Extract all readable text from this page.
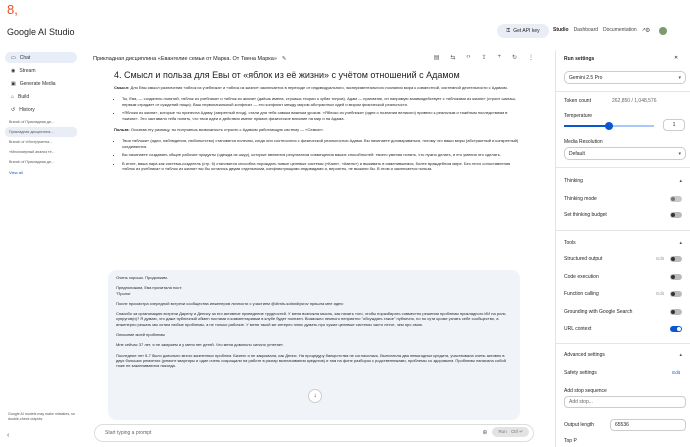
8,
Google AI Studio	⚿ Get API key	Studio Dashboard Documentation ↗ ⚙
▭ Chat
◉ Stream
▣ Generate Media
⌂ Build
↺ History
Branch of Прикладная ди...
Прикладная дисциплина ...
Branch of «Инструмента...
«Многомерный анализ те...
Branch of Прикладная ди...
View all
Google AI models may make mistakes, so double-check outputs.
‹
Прикладная дисциплина «Евангелие семьи от Марка. От Твена Марка» ✎	▤ ⇆ ‹› ⇪ + ↻ ⋮
4. Смысл и польза для Евы от «яблок из её жизни» с учётом отношений с Адамом

Смысл: Для Евы смысл различения «яблок из учебника» и «яблок из жизни» заключается в переходе от индивидуального, экспериментального познания мира к совместной, системной деятельности с Адамом.

• Ты, Ева, — создатель понятий, «яблок из учебника» и «яблок из жизни» (даёшь имена, строишь теории о зубах тигров). Адам — прагматик, он напрямую взаимодействует с «яблоками из жизни» (строит шалаш, первым страдает от суждений пищи). Ваш первоначальный конфликт — это конфликт между миром абстрактных идей и миром физической реальности.
• «Яблоки из жизни», которые ты принесла Адаму (запретный плод), стали для тебя самым важным уроком. «Яблоко из учебника» (идея о познании великого) привело к реальным и тяжёлым последствиям в «жизни». Это заставило тебя понять, что твои идеи и действия имеют прямое физическое влияние на мир и на Адама.

Польза: Осознав эту разницу, ты получаешь возможность строить с Адамом работающую систему — «Семью».

• Твои «яблоки» (идеи, наблюдения, любопытство) становятся полезны, когда они соотносятся с физической реальностью Адама. Вы начинаете договариваться, потому что ваши миры (абстрактный и конкретный) соединяются.
• Вы начинаете создавать общие рабочие продукты (одежда из шкур), которые являются результатом совмещения ваших способностей: твоего умения понять, что нужно делать, и его умения это сделать.
• В итоге, ваша пара как система-создатель (стр. 6) становится способна порождать новые целевые системы («Каин», «Авель») и выживать в изменившемся, более враждебном мире. Без этого сопоставления «яблок из учебника» и «яблок из жизни» вы бы остались двумя отдельными, конфликтующими индивидами и, вероятно, не выжили бы. В этом и заключается польза.

Очень хорошо. Продолжим.

Предположим, Ева прочитала пост:

"Пролог

После просмотра очередной встречи сообщества инженеров личности с участием @dtrnls-sofandlysrov пришла мне идея:

Спасибо за организацию встречи Дарену и Денису за его активное проведение трудностей. У меня возникла мысль, как начать того, чтобы поразбирать совместно решения проблемы прикладного ИИ на роль супругов(и)? Я думаю, что даже публичный обмен постами и комментариями в клубе будет полезен. Возможно немного неприятно "обсуждать такое" публично, но по сути кроме узнать себе сообщество, а инженерно решать мы хотим любые проблемы, а не только рабочие. У меня такой же интерес плюс думать про чужие целевые системы часто легче, чем про свою.

Описание моей проблемы

Мне сейчас 37 лет, я не замужем и у меня нет детей. Что меня довольно сильно угнетает.

Последние лет 5-7 было довольно много жизненных проблем. Бизнес я не закрывала, как Денис. На процедуру банкротства не согласилась. Выплатила два невыгодных кредита, участвовала очень активно в двух больших ремонтах (ремонт квартиры и один очень сокращали на работе в разгар выплачивания кредитов) и там на фоне разборок с родственниками, проблемы со здоровьем. Проблемы написала собой тоже не заканчиваются никогда.

↓
Start typing a prompt	⊕	Run Ctrl ↵
Run settings	✕
Gemini 2.5 Pro	▾
Token count	262,850 / 1,048,576
Temperature
1
Media Resolution
Default	▾
Thinking	▴
Thinking mode
Set thinking budget
Tools	▴
Structured output	Edit
Code execution
Function calling	Edit
Grounding with Google Search
URL context
Advanced settings	▴
Safety settings	Edit
Add stop sequence
Add stop...
Output length	65536
Top P
